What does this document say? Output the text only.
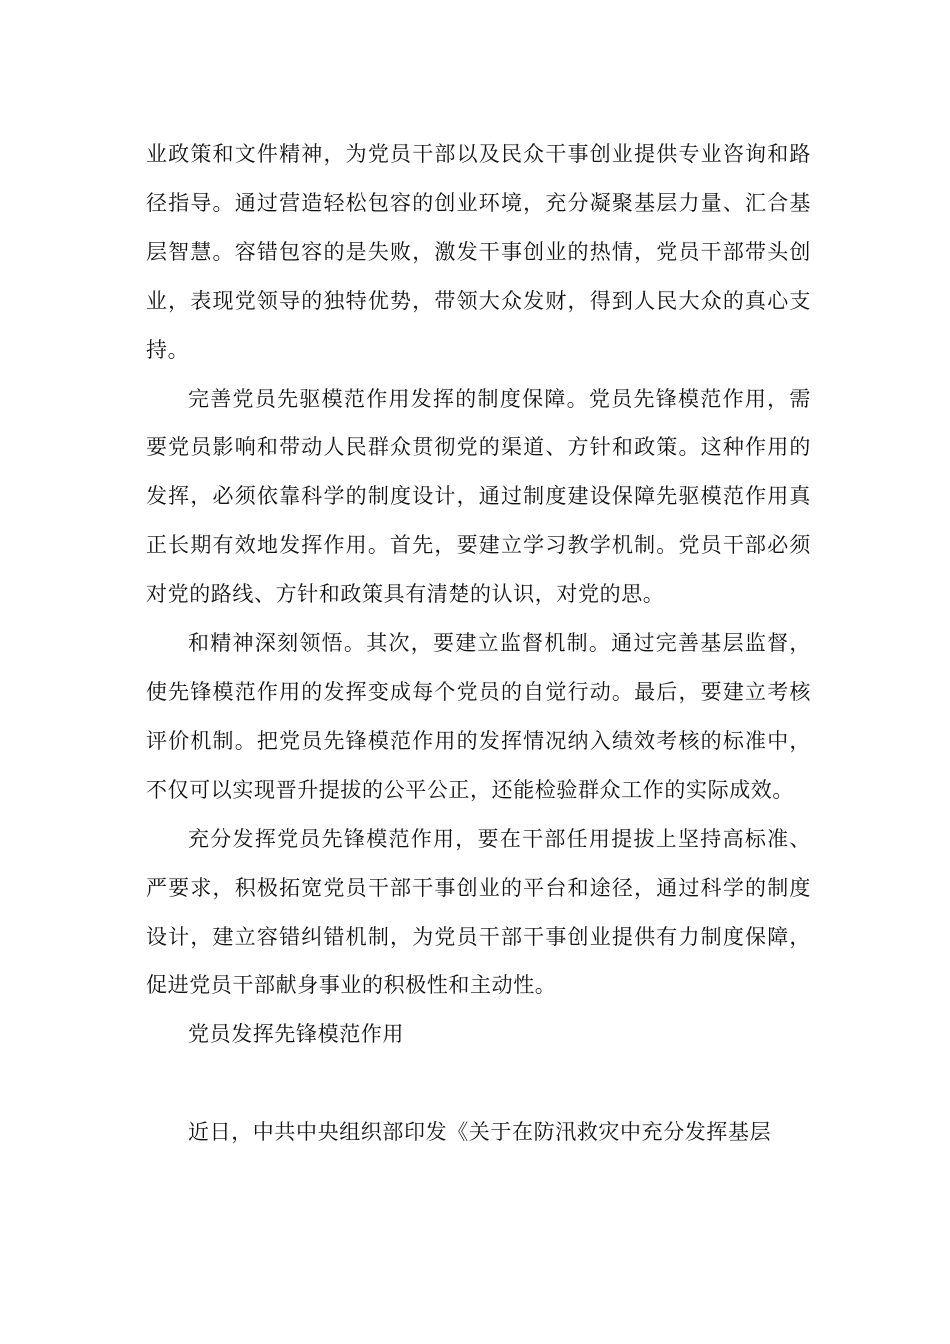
业政策和文件精神，为党员干部以及民众干事创业提供专业咨询和路径指导。通过营造轻松包容的创业环境，充分凝聚基层力量、汇合基层智慧。容错包容的是失败，激发干事创业的热情，党员干部带头创业，表现党领导的独特优势，带领大众发财，得到人民大众的真心支持。

完善党员先驱模范作用发挥的制度保障。党员先锋模范作用，需要党员影响和带动人民群众贯彻党的渠道、方针和政策。这种作用的发挥，必须依靠科学的制度设计，通过制度建设保障先驱模范作用真正长期有效地发挥作用。首先，要建立学习教学机制。党员干部必须对党的路线、方针和政策具有清楚的认识，对党的思。

和精神深刻领悟。其次，要建立监督机制。通过完善基层监督，使先锋模范作用的发挥变成每个党员的自觉行动。最后，要建立考核评价机制。把党员先锋模范作用的发挥情况纳入绩效考核的标准中，不仅可以实现晋升提拔的公平公正，还能检验群众工作的实际成效。

充分发挥党员先锋模范作用，要在干部任用提拔上坚持高标准、严要求，积极拓宽党员干部干事创业的平台和途径，通过科学的制度设计，建立容错纠错机制，为党员干部干事创业提供有力制度保障，促进党员干部献身事业的积极性和主动性。

党员发挥先锋模范作用

近日，中共中央组织部印发《关于在防汛救灾中充分发挥基层
